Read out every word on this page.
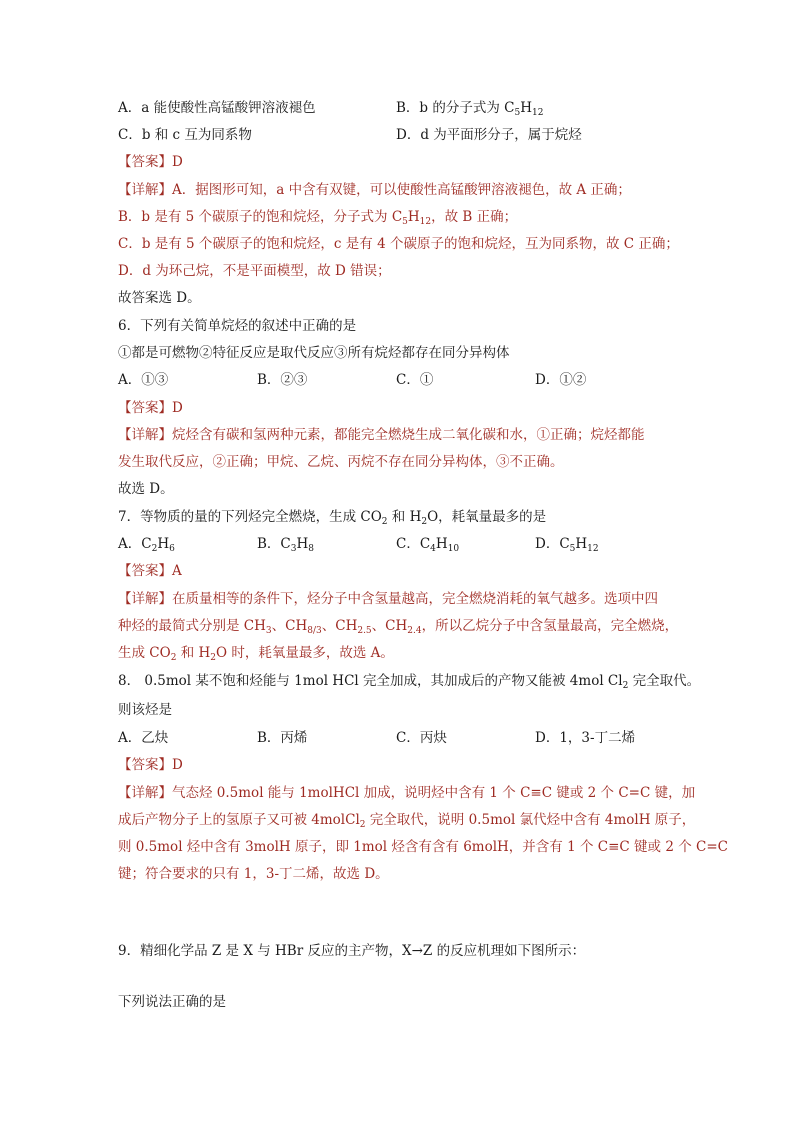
A．a 能使酸性高锰酸钾溶液褪色	B．b 的分子式为 $C_5H_{12}$
C．b 和 c 互为同系物	D．d 为平面形分子，属于烷烃
【答案】D
【详解】A．据图形可知，a 中含有双键，可以使酸性高锰酸钾溶液褪色，故 A 正确；
B．b 是有 5 个碳原子的饱和烷烃，分子式为 $C_5H_{12}$，故 B 正确；
C．b 是有 5 个碳原子的饱和烷烃，c 是有 4 个碳原子的饱和烷烃，互为同系物，故 C 正确；
D．d 为环己烷，不是平面模型，故 D 错误；
故答案选 D。
6．下列有关简单烷烃的叙述中正确的是
①都是可燃物②特征反应是取代反应③所有烷烃都存在同分异构体
A．①③	B．②③	C．①	D．①②
【答案】D
【详解】烷烃含有碳和氢两种元素，都能完全燃烧生成二氧化碳和水，①正确；烷烃都能
发生取代反应，②正确；甲烷、乙烷、丙烷不存在同分异构体，③不正确。
故选 D。
7．等物质的量的下列烃完全燃烧，生成 $CO_2$ 和 $H_2O$，耗氧量最多的是
A．$C_2H_6$	B．$C_3H_8$	C．$C_4H_{10}$	D．$C_5H_{12}$
【答案】A
【详解】在质量相等的条件下，烃分子中含氢量越高，完全燃烧消耗的氧气越多。选项中四
种烃的最简式分别是 $CH_3$、$CH_{8/3}$、$CH_{2.5}$、$CH_{2.4}$，所以乙烷分子中含氢量最高，完全燃烧，
生成 $CO_2$ 和 $H_2O$ 时，耗氧量最多，故选 A。
8． 0.5mol 某不饱和烃能与 1mol HCl 完全加成，其加成后的产物又能被 4mol $Cl_2$ 完全取代。
则该烃是
A．乙炔	B．丙烯	C．丙炔	D．1，3-丁二烯
【答案】D
【详解】气态烃 0.5mol 能与 1molHCl 加成，说明烃中含有 1 个 C≡C 键或 2 个 C=C 键，加
成后产物分子上的氢原子又可被 4molCl$_2$ 完全取代，说明 0.5mol 氯代烃中含有 4molH 原子，
则 0.5mol 烃中含有 3molH 原子，即 1mol 烃含有含有 6molH，并含有 1 个 C≡C 键或 2 个 C=C
键；符合要求的只有 1，3-丁二烯，故选 D。
9．精细化学品 Z 是 X 与 HBr 反应的主产物，X→Z 的反应机理如下图所示：
下列说法正确的是
